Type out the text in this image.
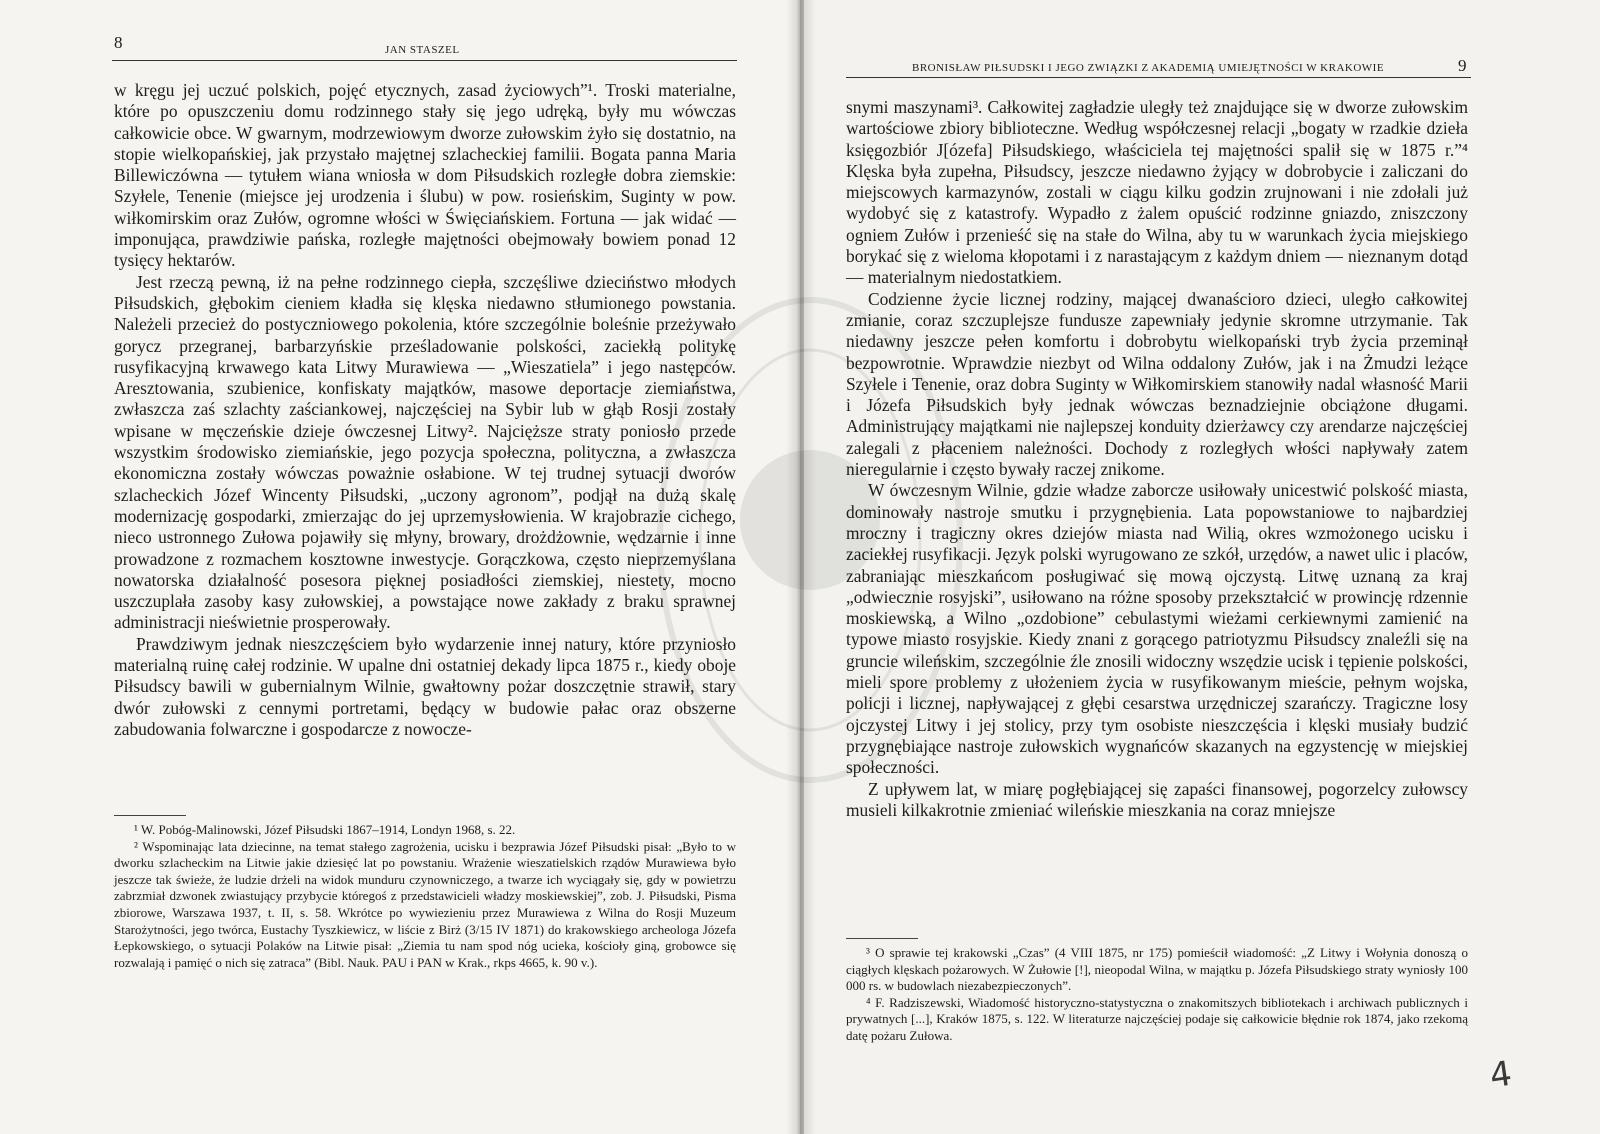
8	JAN STASZEL

w kręgu jej uczuć polskich, pojęć etycznych, zasad życiowych”¹. Troski materialne, które po opuszczeniu domu rodzinnego stały się jego udręką, były mu wówczas całkowicie obce. W gwarnym, modrzewiowym dworze zułowskim żyło się dostatnio, na stopie wielkopańskiej, jak przystało majętnej szlacheckiej familii. Bogata panna Maria Billewiczówna — tytułem wiana wniosła w dom Piłsudskich rozległe dobra ziemskie: Szyłele, Tenenie (miejsce jej urodzenia i ślubu) w pow. rosieńskim, Suginty w pow. wiłkomirskim oraz Zułów, ogromne włości w Święciańskiem. Fortuna — jak widać — imponująca, prawdziwie pańska, rozległe majętności obejmowały bowiem ponad 12 tysięcy hektarów.

Jest rzeczą pewną, iż na pełne rodzinnego ciepła, szczęśliwe dzieciństwo młodych Piłsudskich, głębokim cieniem kładła się klęska niedawno stłumionego powstania. Należeli przecież do postyczniowego pokolenia, które szczególnie boleśnie przeżywało gorycz przegranej, barbarzyńskie prześladowanie polskości, zaciekłą politykę rusyfikacyjną krwawego kata Litwy Murawiewa — „Wieszatiela” i jego następców. Aresztowania, szubienice, konfiskaty majątków, masowe deportacje ziemiaństwa, zwłaszcza zaś szlachty zaściankowej, najczęściej na Sybir lub w głąb Rosji zostały wpisane w męczeńskie dzieje ówczesnej Litwy². Najcięższe straty poniosło przede wszystkim środowisko ziemiańskie, jego pozycja społeczna, polityczna, a zwłaszcza ekonomiczna zostały wówczas poważnie osłabione. W tej trudnej sytuacji dworów szlacheckich Józef Wincenty Piłsudski, „uczony agronom”, podjął na dużą skalę modernizację gospodarki, zmierzając do jej uprzemysłowienia. W krajobrazie cichego, nieco ustronnego Zułowa pojawiły się młyny, browary, drożdżownie, wędzarnie i inne prowadzone z rozmachem kosztowne inwestycje. Gorączkowa, często nieprzemyślana nowatorska działalność posesora pięknej posiadłości ziemskiej, niestety, mocno uszczuplała zasoby kasy zułowskiej, a powstające nowe zakłady z braku sprawnej administracji nieświetnie prosperowały.

Prawdziwym jednak nieszczęściem było wydarzenie innej natury, które przyniosło materialną ruinę całej rodzinie. W upalne dni ostatniej dekady lipca 1875 r., kiedy oboje Piłsudscy bawili w gubernialnym Wilnie, gwałtowny pożar doszczętnie strawił, stary dwór zułowski z cennymi portretami, będący w budowie pałac oraz obszerne zabudowania folwarczne i gospodarcze z nowocze-

¹ W. Pobóg-Malinowski, Józef Piłsudski 1867–1914, Londyn 1968, s. 22.

² Wspominając lata dziecinne, na temat stałego zagrożenia, ucisku i bezprawia Józef Piłsudski pisał: „Było to w dworku szlacheckim na Litwie jakie dziesięć lat po powstaniu. Wrażenie wieszatielskich rządów Murawiewa było jeszcze tak świeże, że ludzie drżeli na widok munduru czynowniczego, a twarze ich wyciągały się, gdy w powietrzu zabrzmiał dzwonek zwiastujący przybycie któregoś z przedstawicieli władzy moskiewskiej”, zob. J. Piłsudski, Pisma zbiorowe, Warszawa 1937, t. II, s. 58. Wkrótce po wywiezieniu przez Murawiewa z Wilna do Rosji Muzeum Starożytności, jego twórca, Eustachy Tyszkiewicz, w liście z Birż (3/15 IV 1871) do krakowskiego archeologa Józefa Łepkowskiego, o sytuacji Polaków na Litwie pisał: „Ziemia tu nam spod nóg ucieka, kościoły giną, grobowce się rozwalają i pamięć o nich się zatraca” (Bibl. Nauk. PAU i PAN w Krak., rkps 4665, k. 90 v.).

BRONISŁAW PIŁSUDSKI I JEGO ZWIĄZKI Z AKADEMIĄ UMIEJĘTNOŚCI W KRAKOWIE	9

snymi maszynami³. Całkowitej zagładzie uległy też znajdujące się w dworze zułowskim wartościowe zbiory biblioteczne. Według współczesnej relacji „bogaty w rzadkie dzieła księgozbiór J[ózefa] Piłsudskiego, właściciela tej majętności spalił się w 1875 r.”⁴ Klęska była zupełna, Piłsudscy, jeszcze niedawno żyjący w dobrobycie i zaliczani do miejscowych karmazynów, zostali w ciągu kilku godzin zrujnowani i nie zdołali już wydobyć się z katastrofy. Wypadło z żalem opuścić rodzinne gniazdo, zniszczony ogniem Zułów i przenieść się na stałe do Wilna, aby tu w warunkach życia miejskiego borykać się z wieloma kłopotami i z narastającym z każdym dniem — nieznanym dotąd — materialnym niedostatkiem.

Codzienne życie licznej rodziny, mającej dwanaścioro dzieci, uległo całkowitej zmianie, coraz szczuplejsze fundusze zapewniały jedynie skromne utrzymanie. Tak niedawny jeszcze pełen komfortu i dobrobytu wielkopański tryb życia przeminął bezpowrotnie. Wprawdzie niezbyt od Wilna oddalony Zułów, jak i na Żmudzi leżące Szyłele i Tenenie, oraz dobra Suginty w Wiłkomirskiem stanowiły nadal własność Marii i Józefa Piłsudskich były jednak wówczas beznadziejnie obciążone długami. Administrujący majątkami nie najlepszej konduity dzierżawcy czy arendarze najczęściej zalegali z płaceniem należności. Dochody z rozległych włości napływały zatem nieregularnie i często bywały raczej znikome.

W ówczesnym Wilnie, gdzie władze zaborcze usiłowały unicestwić polskość miasta, dominowały nastroje smutku i przygnębienia. Lata popowstaniowe to najbardziej mroczny i tragiczny okres dziejów miasta nad Wilią, okres wzmożonego ucisku i zaciekłej rusyfikacji. Język polski wyrugowano ze szkół, urzędów, a nawet ulic i placów, zabraniając mieszkańcom posługiwać się mową ojczystą. Litwę uznaną za kraj „odwiecznie rosyjski”, usiłowano na różne sposoby przekształcić w prowincję rdzennie moskiewską, a Wilno „ozdobione” cebulastymi wieżami cerkiewnymi zamienić na typowe miasto rosyjskie. Kiedy znani z gorącego patriotyzmu Piłsudscy znaleźli się na gruncie wileńskim, szczególnie źle znosili widoczny wszędzie ucisk i tępienie polskości, mieli spore problemy z ułożeniem życia w rusyfikowanym mieście, pełnym wojska, policji i licznej, napływającej z głębi cesarstwa urzędniczej szarańczy. Tragiczne losy ojczystej Litwy i jej stolicy, przy tym osobiste nieszczęścia i klęski musiały budzić przygnębiające nastroje zułowskich wygnańców skazanych na egzystencję w miejskiej społeczności.

Z upływem lat, w miarę pogłębiającej się zapaści finansowej, pogorzelcy zułowscy musieli kilkakrotnie zmieniać wileńskie mieszkania na coraz mniejsze

³ O sprawie tej krakowski „Czas” (4 VIII 1875, nr 175) pomieścił wiadomość: „Z Litwy i Wołynia donoszą o ciągłych klęskach pożarowych. W Żułowie [!], nieopodal Wilna, w majątku p. Józefa Piłsudskiego straty wyniosły 100 000 rs. w budowlach niezabezpieczonych”.

⁴ F. Radziszewski, Wiadomość historyczno-statystyczna o znakomitszych bibliotekach i archiwach publicznych i prywatnych [...], Kraków 1875, s. 122. W literaturze najczęściej podaje się całkowicie błędnie rok 1874, jako rzekomą datę pożaru Zułowa.

4
